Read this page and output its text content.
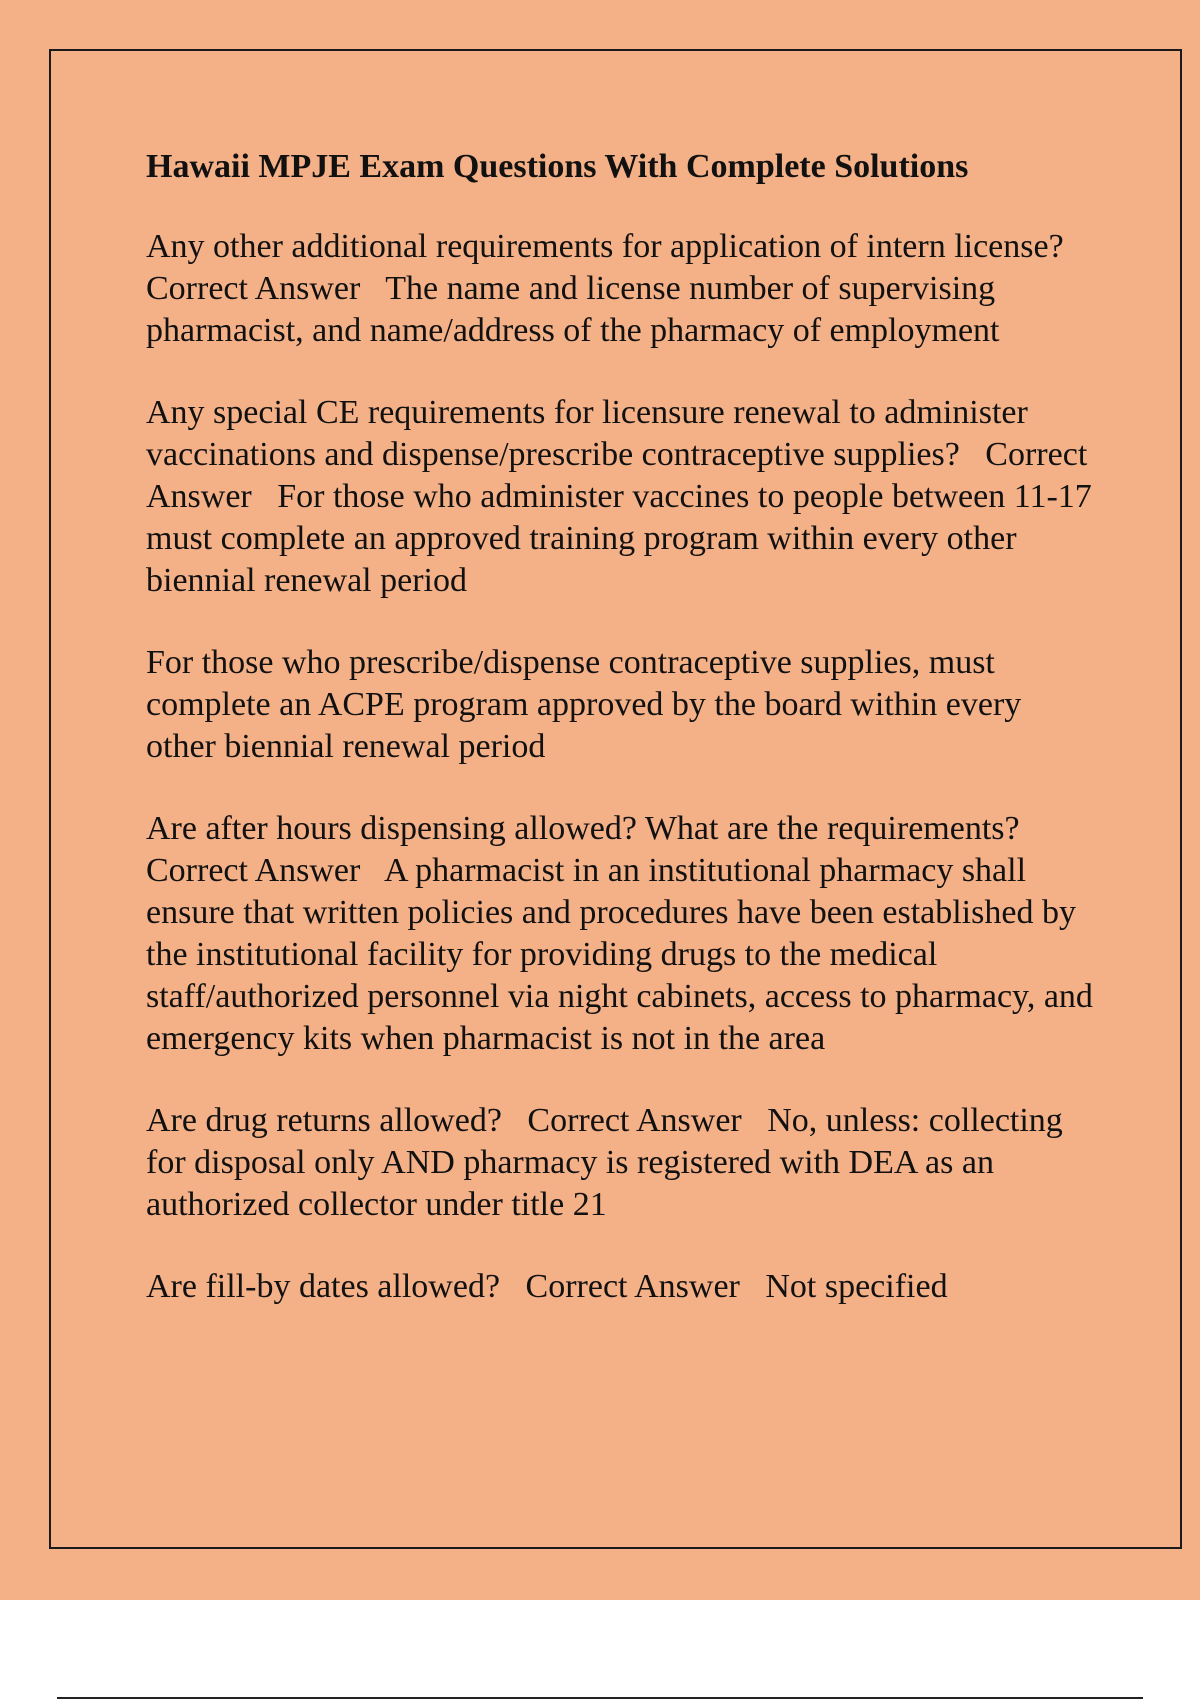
Hawaii MPJE Exam Questions With Complete Solutions

Any other additional requirements for application of intern license?   Correct Answer   The name and license number of supervising pharmacist, and name/address of the pharmacy of employment

Any special CE requirements for licensure renewal to administer vaccinations and dispense/prescribe contraceptive supplies?   Correct Answer   For those who administer vaccines to people between 11-17 must complete an approved training program within every other biennial renewal period

For those who prescribe/dispense contraceptive supplies, must complete an ACPE program approved by the board within every other biennial renewal period

Are after hours dispensing allowed? What are the requirements?   Correct Answer   A pharmacist in an institutional pharmacy shall ensure that written policies and procedures have been established by the institutional facility for providing drugs to the medical staff/authorized personnel via night cabinets, access to pharmacy, and emergency kits when pharmacist is not in the area

Are drug returns allowed?   Correct Answer   No, unless: collecting for disposal only AND pharmacy is registered with DEA as an authorized collector under title 21

Are fill-by dates allowed?   Correct Answer   Not specified
